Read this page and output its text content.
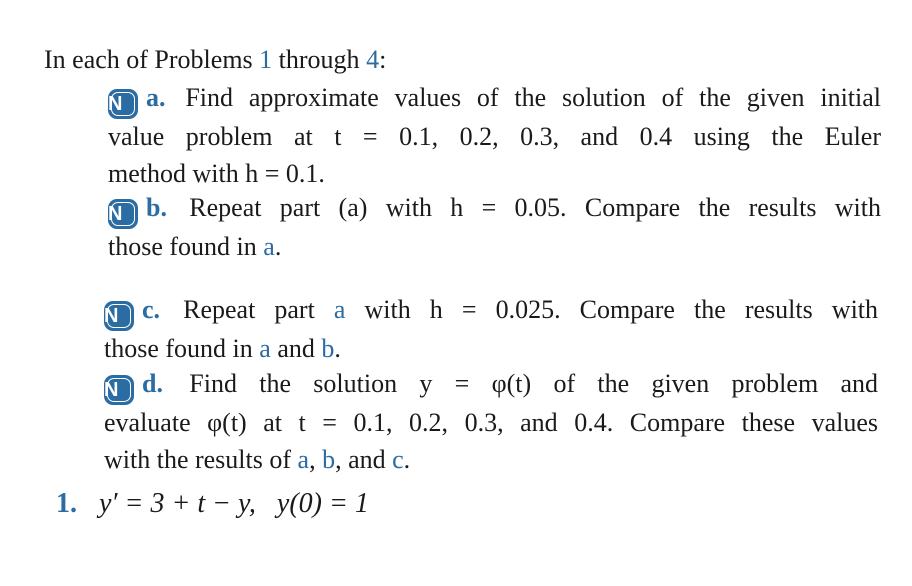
In each of Problems 1 through 4:
N a. Find approximate values of the solution of the given initial
value problem at t = 0.1, 0.2, 0.3, and 0.4 using the Euler
method with h = 0.1.
N b. Repeat part (a) with h = 0.05. Compare the results with
those found in a.
N c. Repeat part a with h = 0.025. Compare the results with
those found in a and b.
N d. Find the solution y = φ(t) of the given problem and
evaluate φ(t) at t = 0.1, 0.2, 0.3, and 0.4. Compare these values
with the results of a, b, and c.
1. y′ = 3 + t − y, y(0) = 1
